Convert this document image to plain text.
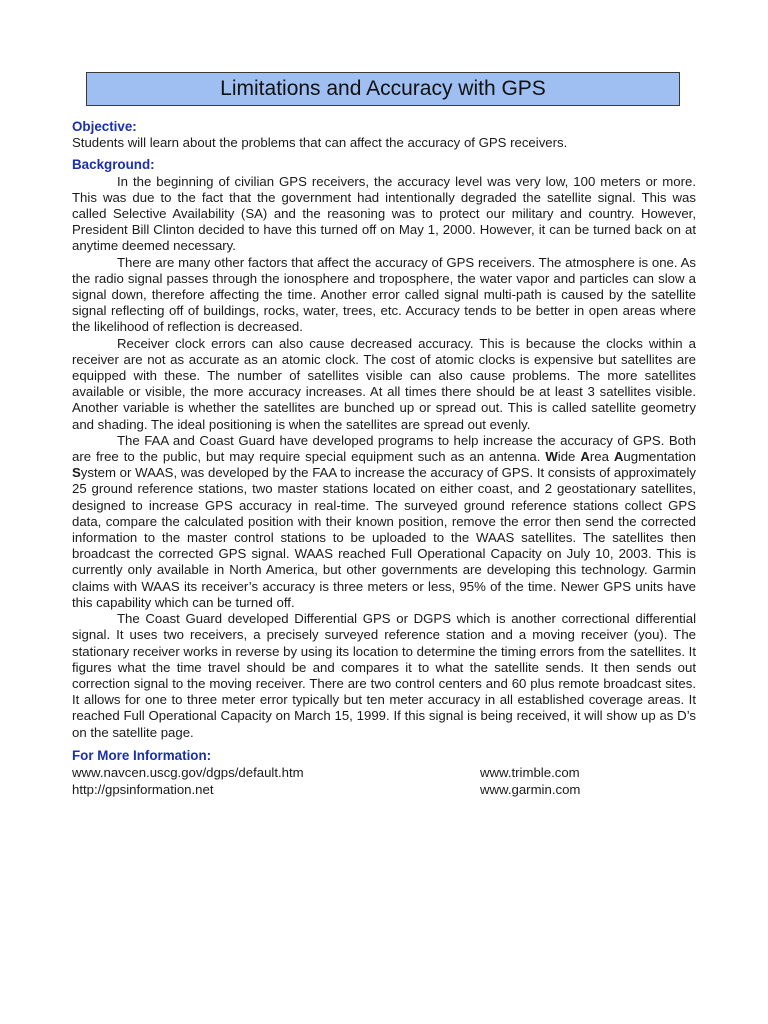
Limitations and Accuracy with GPS

Objective:

Students will learn about the problems that can affect the accuracy of GPS receivers.

Background:

In the beginning of civilian GPS receivers, the accuracy level was very low, 100 meters or more. This was due to the fact that the government had intentionally degraded the satellite signal. This was called Selective Availability (SA) and the reasoning was to protect our military and country. However, President Bill Clinton decided to have this turned off on May 1, 2000. However, it can be turned back on at anytime deemed necessary.

There are many other factors that affect the accuracy of GPS receivers. The atmosphere is one. As the radio signal passes through the ionosphere and troposphere, the water vapor and particles can slow a signal down, therefore affecting the time. Another error called signal multi-path is caused by the satellite signal reflecting off of buildings, rocks, water, trees, etc. Accuracy tends to be better in open areas where the likelihood of reflection is decreased.

Receiver clock errors can also cause decreased accuracy. This is because the clocks within a receiver are not as accurate as an atomic clock. The cost of atomic clocks is expensive but satellites are equipped with these. The number of satellites visible can also cause problems. The more satellites available or visible, the more accuracy increases. At all times there should be at least 3 satellites visible. Another variable is whether the satellites are bunched up or spread out. This is called satellite geometry and shading. The ideal positioning is when the satellites are spread out evenly.

The FAA and Coast Guard have developed programs to help increase the accuracy of GPS. Both are free to the public, but may require special equipment such as an antenna. Wide Area Augmentation System or WAAS, was developed by the FAA to increase the accuracy of GPS. It consists of approximately 25 ground reference stations, two master stations located on either coast, and 2 geostationary satellites, designed to increase GPS accuracy in real-time. The surveyed ground reference stations collect GPS data, compare the calculated position with their known position, remove the error then send the corrected information to the master control stations to be uploaded to the WAAS satellites. The satellites then broadcast the corrected GPS signal. WAAS reached Full Operational Capacity on July 10, 2003. This is currently only available in North America, but other governments are developing this technology. Garmin claims with WAAS its receiver’s accuracy is three meters or less, 95% of the time. Newer GPS units have this capability which can be turned off.

The Coast Guard developed Differential GPS or DGPS which is another correctional differential signal. It uses two receivers, a precisely surveyed reference station and a moving receiver (you). The stationary receiver works in reverse by using its location to determine the timing errors from the satellites. It figures what the time travel should be and compares it to what the satellite sends. It then sends out correction signal to the moving receiver. There are two control centers and 60 plus remote broadcast sites. It allows for one to three meter error typically but ten meter accuracy in all established coverage areas. It reached Full Operational Capacity on March 15, 1999. If this signal is being received, it will show up as D’s on the satellite page.

For More Information:

www.navcen.uscg.gov/dgps/default.htm
http://gpsinformation.net
www.trimble.com
www.garmin.com
